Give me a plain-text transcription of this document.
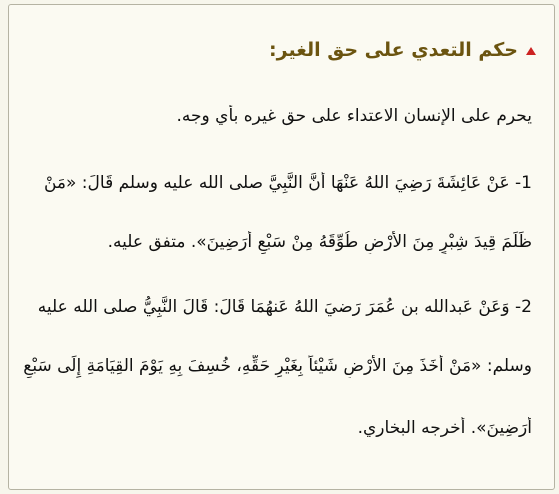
حكم التعدي على حق الغير:
يحرم على الإنسان الاعتداء على حق غيره بأي وجه.
1- عَنْ عَائِشَةَ رَضِيَ اللهُ عَنْهَا أَنَّ النَّبِيَّ صلى الله عليه وسلم قَالَ: «مَنْ
ظَلَمَ قِيدَ شِبْرٍ مِنَ الأَرْضِ طُوِّقَهُ مِنْ سَبْعِ أَرَضِينَ». متفق عليه.
2- وَعَنْ عَبدالله بن عُمَرَ رَضيَ اللهُ عَنهُمَا قَالَ: قَالَ النَّبِيُّ صلى الله عليه
وسلم: «مَنْ أَخَذَ مِنَ الأَرْضِ شَيْئاً بِغَيْرِ حَقِّهِ، خُسِفَ بِهِ يَوْمَ القِيَامَةِ إِلَى سَبْعِ
أَرَضِينَ». أخرجه البخاري.
